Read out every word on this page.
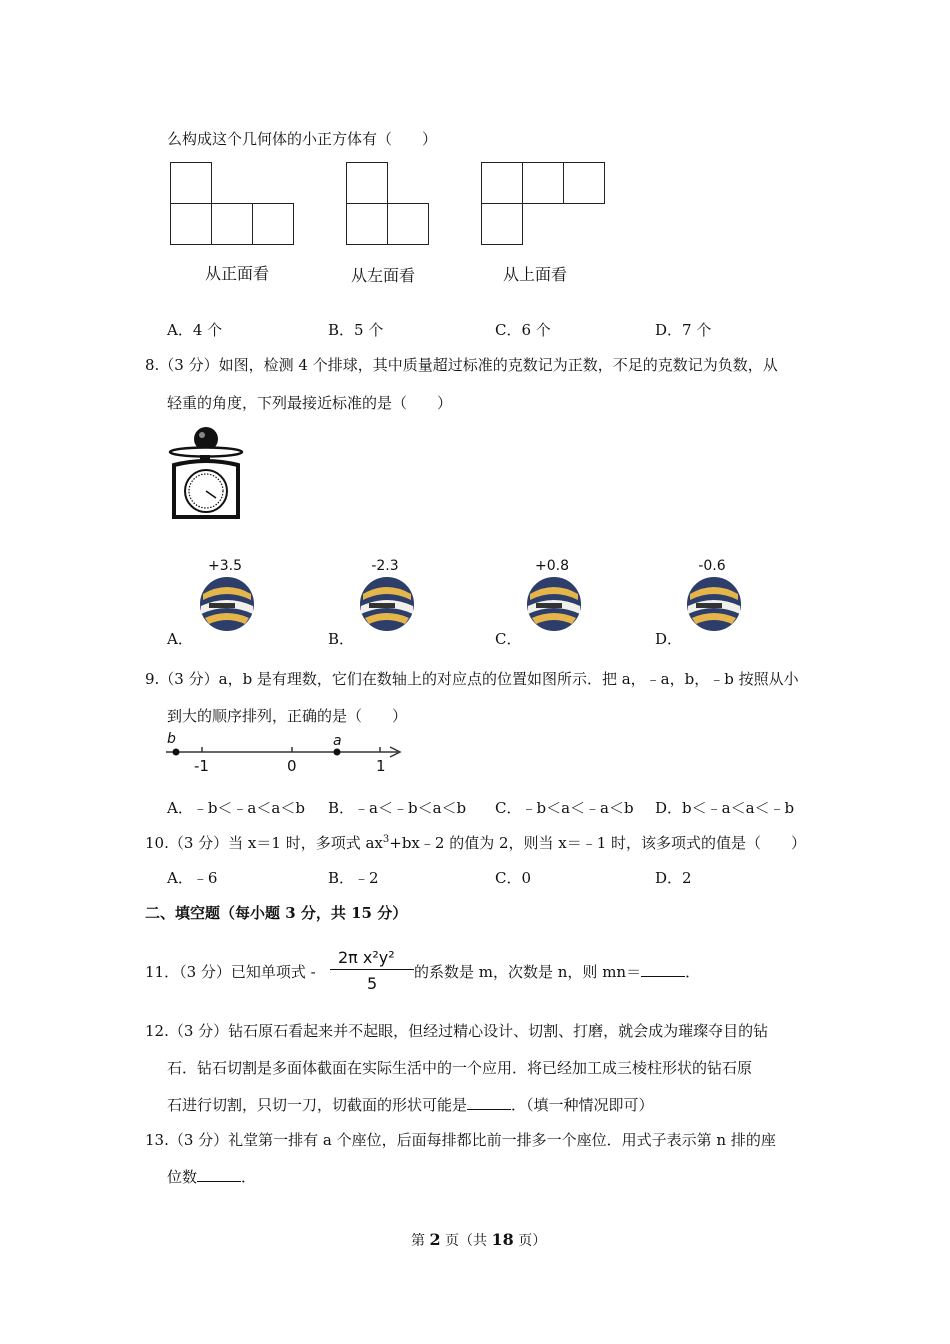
么构成这个几何体的小正方体有（　　）
从正面看	从左面看	从上面看
A．4 个	B．5 个	C．6 个	D．7 个
8.（3 分）如图，检测 4 个排球，其中质量超过标准的克数记为正数，不足的克数记为负数，从
轻重的角度，下列最接近标准的是（　　）
+3.5	-2.3	+0.8	-0.6
A．	B．	C．	D．
9.（3 分）a，b 是有理数，它们在数轴上的对应点的位置如图所示．把 a，﹣a，b，﹣b 按照从小
到大的顺序排列，正确的是（　　）
b	a
-1	0	1
A．﹣b＜﹣a＜a＜b B．﹣a＜﹣b＜a＜b C．﹣b＜a＜﹣a＜b D．b＜﹣a＜a＜﹣b
10.（3 分）当 x＝1 时，多项式 $ax^3+bx﹣2$ 的值为 2，则当 x＝﹣1 时，该多项式的值是（　　）
A．﹣6	B．﹣2	C．0	D．2
二、填空题（每小题 3 分，共 15 分）
11．（3 分）已知单项式 -
2π x²y²
5
的系数是 m，次数是 n，则 mn＝	．
12.（3 分）钻石原石看起来并不起眼，但经过精心设计、切割、打磨，就会成为璀璨夺目的钻
石．钻石切割是多面体截面在实际生活中的一个应用．将已经加工成三棱柱形状的钻石原
石进行切割，只切一刀，切截面的形状可能是	．（填一种情况即可）
13.（3 分）礼堂第一排有 a 个座位，后面每排都比前一排多一个座位．用式子表示第 n 排的座
位数	．
第 2 页（共 18 页）
